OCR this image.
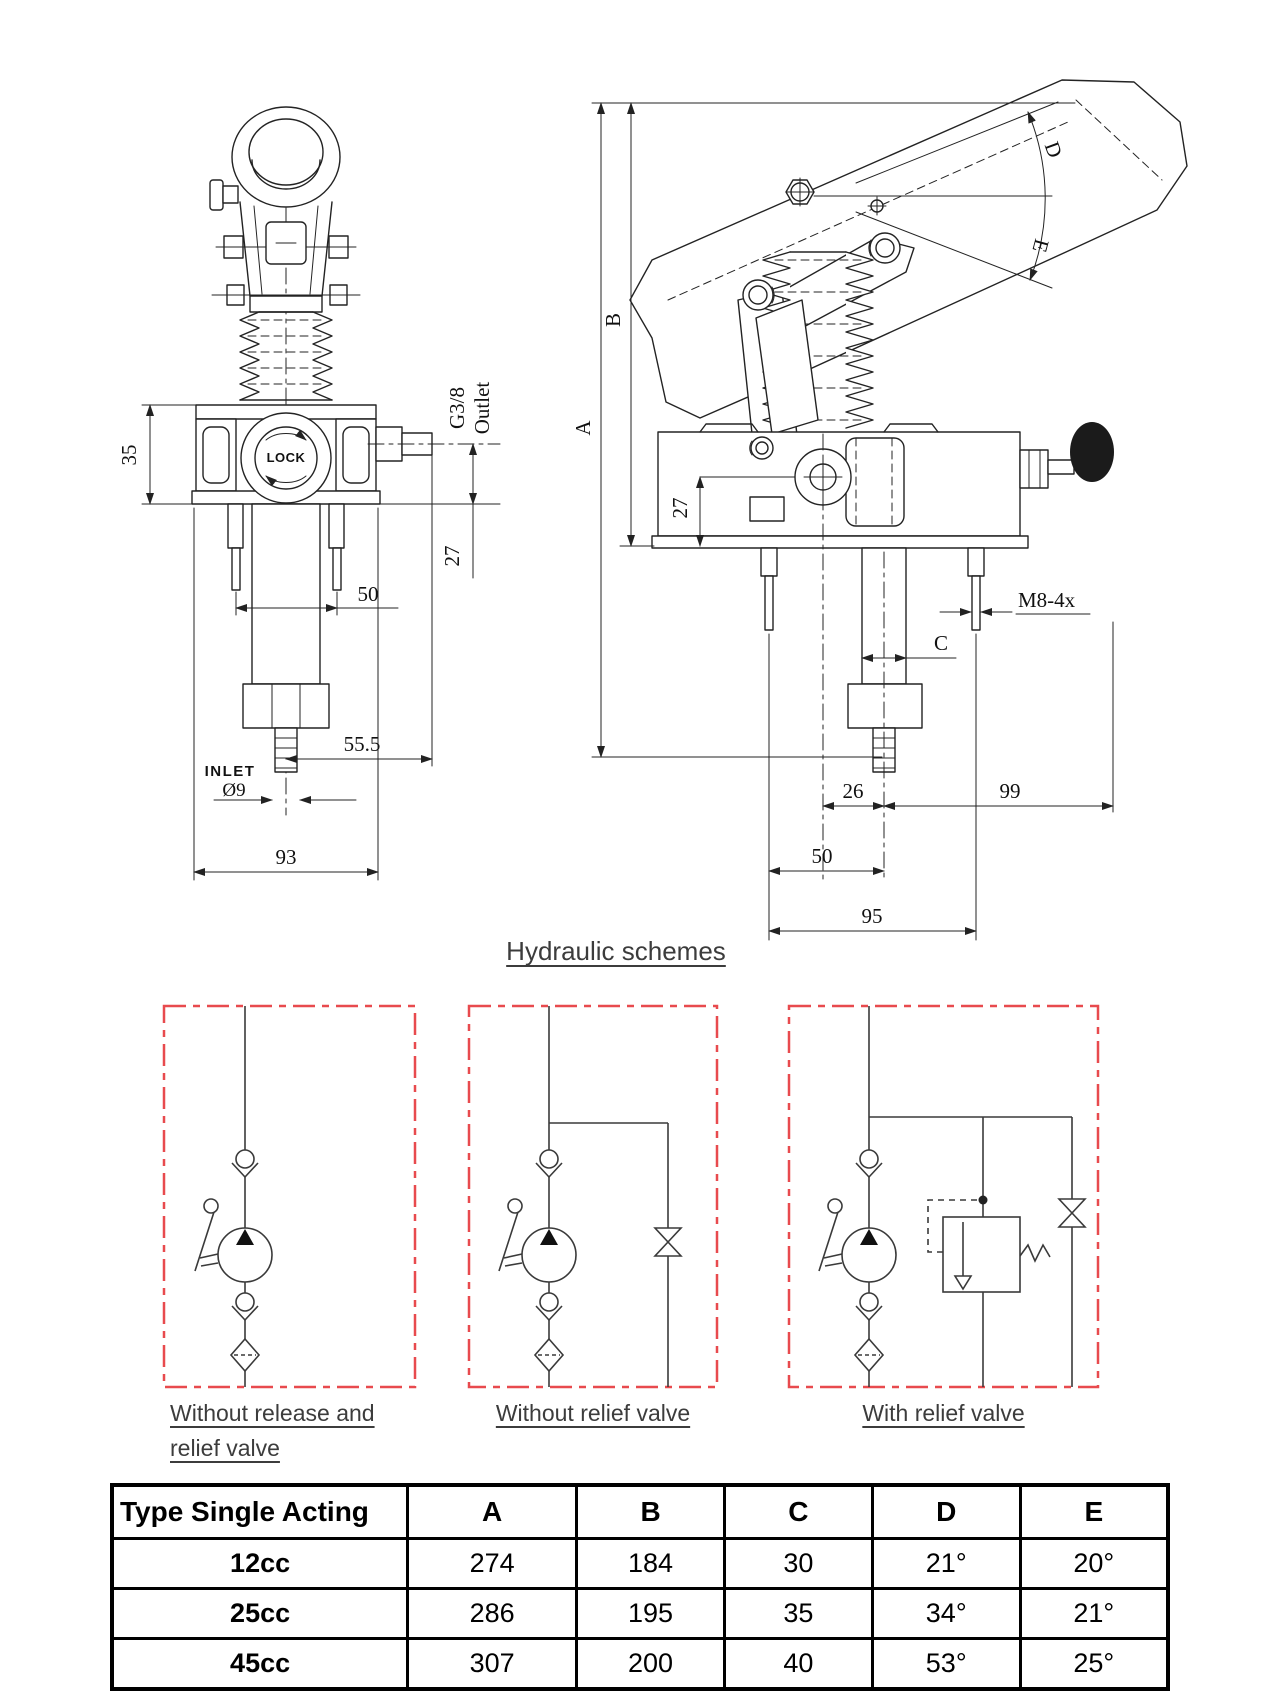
LOCK
35
G3/8 Outlet
27
50
55.5
INLET
Ø9
93
A
B
D
E
27
M8-4x
C
26	99
50
95
Hydraulic schemes
Without release and
relief valve
Without relief valve	With relief valve
Type Single Acting	A	B	C	D	E
12cc	274	184	30	21°	20°
25cc	286	195	35	34°	21°
45cc	307	200	40	53°	25°
